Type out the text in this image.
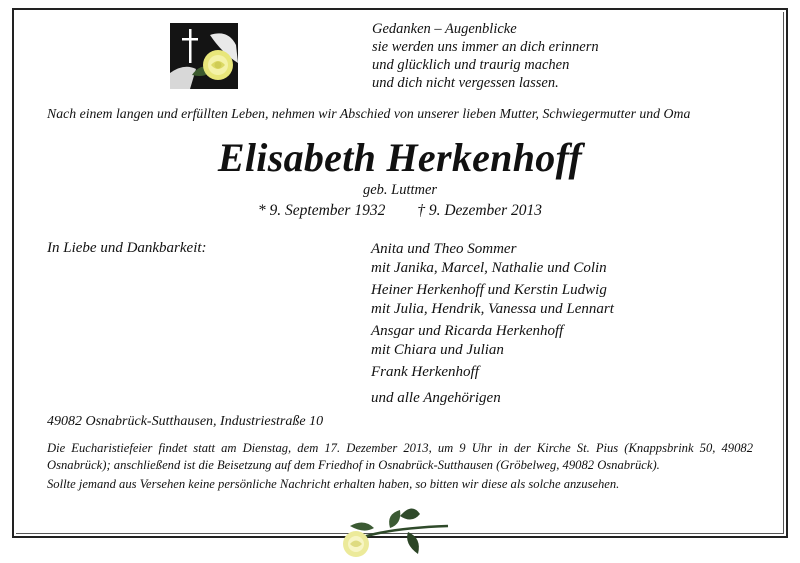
Gedanken – Augenblicke
sie werden uns immer an dich erinnern
und glücklich und traurig machen
und dich nicht vergessen lassen.
Nach einem langen und erfüllten Leben, nehmen wir Abschied von unserer lieben Mutter, Schwiegermutter und Oma
Elisabeth Herkenhoff
geb. Luttmer
* 9. September 1932 † 9. Dezember 2013
In Liebe und Dankbarkeit:	Anita und Theo Sommer
mit Janika, Marcel, Nathalie und Colin
Heiner Herkenhoff und Kerstin Ludwig
mit Julia, Hendrik, Vanessa und Lennart
Ansgar und Ricarda Herkenhoff
mit Chiara und Julian
Frank Herkenhoff
und alle Angehörigen
49082 Osnabrück-Sutthausen, Industriestraße 10
Die Eucharistiefeier findet statt am Dienstag, dem 17. Dezember 2013, um 9 Uhr in der Kirche St. Pius (Knappsbrink 50, 49082 Osnabrück); anschließend ist die Beisetzung auf dem Friedhof in Osnabrück-Sutthausen (Gröbelweg, 49082 Osnabrück).
Sollte jemand aus Versehen keine persönliche Nachricht erhalten haben, so bitten wir diese als solche anzusehen.
